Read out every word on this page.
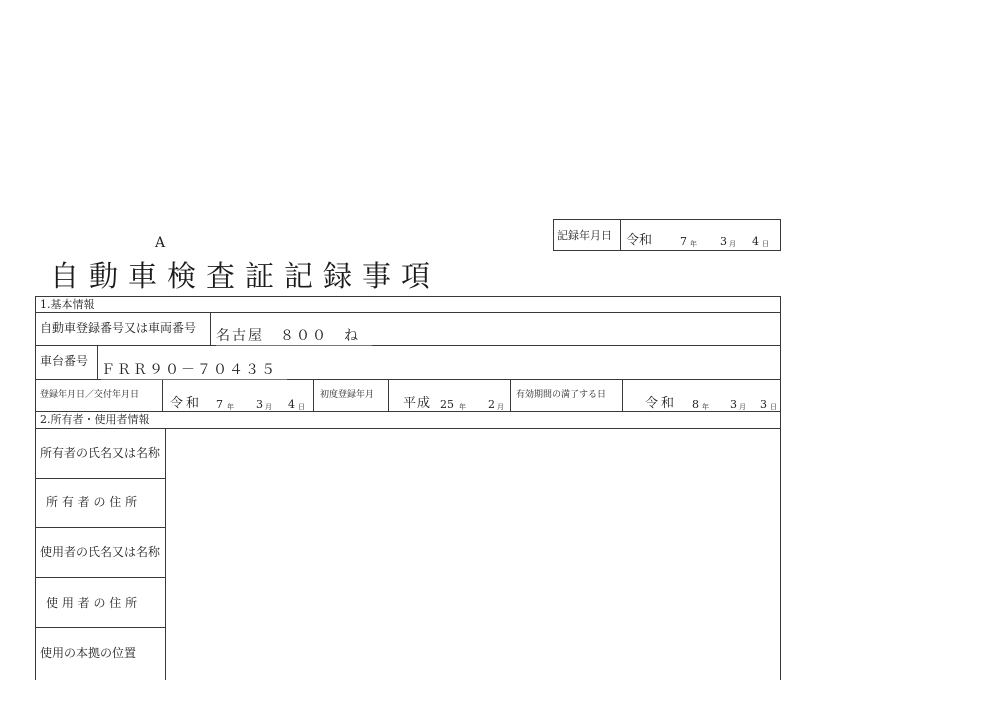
A	記録年月日 令和	7 年 3 月 4 日
自動車検査証記録事項
1.基本情報
自動車登録番号又は車両番号 名古屋　８００　ね
車台番号
ＦＲＲ９０－７０４３５
登録年月日／交付年月日
令和 7 年 3 月 4 日
初度登録年月
平成 25 年 2 月
有効期間の満了する日
令和 8 年 3 月 3 日
2.所有者・使用者情報
所有者の氏名又は名称
所 有 者 の 住 所
使用者の氏名又は名称
使 用 者 の 住 所
使用の本拠の位置
